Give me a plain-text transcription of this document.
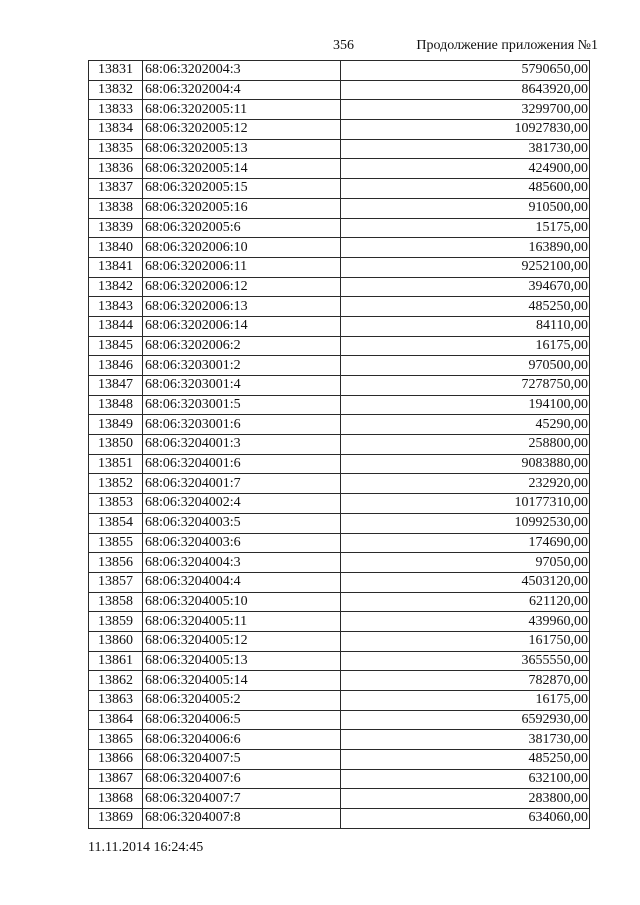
356	Продолжение приложения №1
13831	68:06:3202004:3	5790650,00
13832	68:06:3202004:4	8643920,00
13833	68:06:3202005:11	3299700,00
13834	68:06:3202005:12	10927830,00
13835	68:06:3202005:13	381730,00
13836	68:06:3202005:14	424900,00
13837	68:06:3202005:15	485600,00
13838	68:06:3202005:16	910500,00
13839	68:06:3202005:6	15175,00
13840	68:06:3202006:10	163890,00
13841	68:06:3202006:11	9252100,00
13842	68:06:3202006:12	394670,00
13843	68:06:3202006:13	485250,00
13844	68:06:3202006:14	84110,00
13845	68:06:3202006:2	16175,00
13846	68:06:3203001:2	970500,00
13847	68:06:3203001:4	7278750,00
13848	68:06:3203001:5	194100,00
13849	68:06:3203001:6	45290,00
13850	68:06:3204001:3	258800,00
13851	68:06:3204001:6	9083880,00
13852	68:06:3204001:7	232920,00
13853	68:06:3204002:4	10177310,00
13854	68:06:3204003:5	10992530,00
13855	68:06:3204003:6	174690,00
13856	68:06:3204004:3	97050,00
13857	68:06:3204004:4	4503120,00
13858	68:06:3204005:10	621120,00
13859	68:06:3204005:11	439960,00
13860	68:06:3204005:12	161750,00
13861	68:06:3204005:13	3655550,00
13862	68:06:3204005:14	782870,00
13863	68:06:3204005:2	16175,00
13864	68:06:3204006:5	6592930,00
13865	68:06:3204006:6	381730,00
13866	68:06:3204007:5	485250,00
13867	68:06:3204007:6	632100,00
13868	68:06:3204007:7	283800,00
13869	68:06:3204007:8	634060,00
11.11.2014 16:24:45
